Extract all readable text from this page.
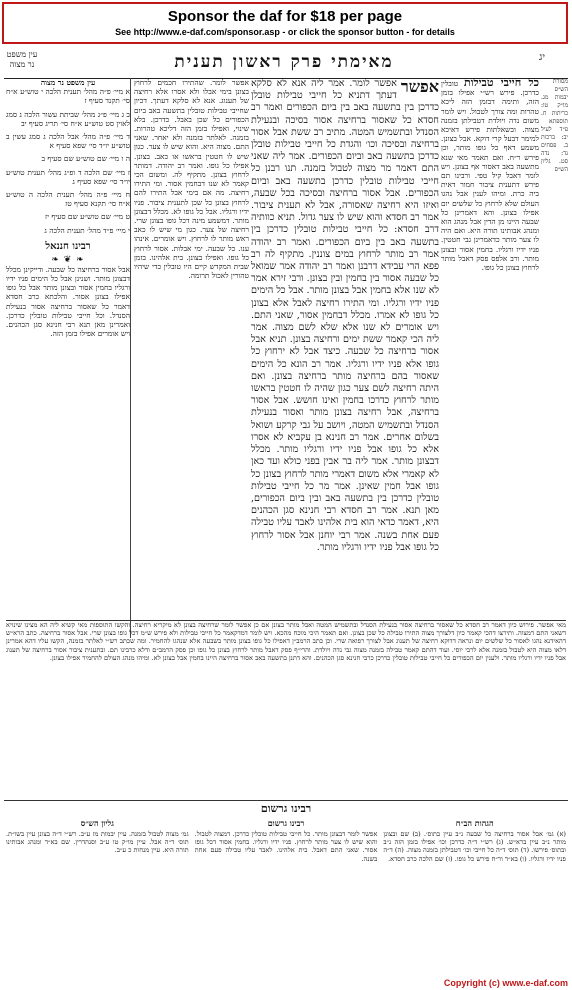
Sponsor the daf for $18 per page
See http://www.e-daf.com/sponsor.asp - or click the sponsor button - for details
עין משפט נר מצוה	מאימתי פרק ראשון תענית	יג
עין משפט נר מצוה
א מיי׳ פ״ה מהל׳ תענית הלכה י טוש״ע א״ח סי׳ תקנד סעיף ז
ב ג מיי׳ פ״ג מהל׳ שביתת עשור הלכה ג סמג לאוין סט טוש״ע א״ח סי׳ תריג סעיף יב
ד מיי׳ פ״ה מהל׳ אבל הלכה ג סמג עשין ב טוש״ע יו״ד סי׳ שפא סעיף א
ה ו מיי׳ שם טוש״ע שם סעיף ב
ז מיי׳ שם הלכה ד ופ״ג מהל׳ תענית טוש״ע יו״ד סי׳ שפא סעיף ג
ח מיי׳ פ״ה מהל׳ תענית הלכה ה טוש״ע א״ח סי׳ תקנא סעיף טז
ט מיי׳ שם טוש״ע שם סעיף יז
י מיי׳ פ״ד מהל׳ תענית הלכה ג
רבינו חננאל
❧ ❦ ❧
אבל אסור ברחיצה כל שבעה. ודייקינן מכלל דבצונן מותר. ושנינן אבל כל הימים פניו ידיו ורגליו בחמין אסור ובצונן מותר אבל כל גופו אפילו בצונן אסור. והלכתא כרב חסדא דאמר כל שאסור ברחיצה אסור בנעילת הסנדל. וכל חייבי טבילות טובלין כדרכן. ואמרינן מאן תנא רבי חנינא סגן הכהנים. ויש אומרים אפילו בזמן הזה.
אפשר לומר. שהתירו חכמים לרחוץ בצונן בימי אבלו ולא אסרו אלא רחיצה של תענוג. אנא לא סלקא דעתך. דכיון שחייבי טבילות טובלין בתשעה באב ביום הכפורים כל שכן באבל. כדרכן. בלא שינוי, ואפילו בזמן הזה דליכא טהרות. בזמנה. לאלתר בזמנה ולא יאחר. שאני התם. מצוה היא. והוא שיש לו צער. כגון שיש לו חטטין בראשו או כאב. בצונן. אפילו כל גופו. ואמר רב יהודה. דמותר לרחוץ בצונן. מתקיף לה. ומשום הכי קאמר לא שנו דבחמין אסור. ומי התירו רחיצה. מה אם בימי אבל התירו להם לרחוץ בצונן כל שכן לתענית ציבור. פניו ידיו ורגליו. אבל כל גופו לא. מכלל דבצונן מותר. דמשמע מינה דכל גופו בצונן שרי. רחיצה של צער. כגון מי שיש לו כאב ראש מותר לו לרחוץ. ויש אומרים. אינהו ענו. כל שבעה. ימי אבלות. אסור לרחוץ כל גופו. ואפילו בצונן. בית אלהינו. בזמן שבית המקדש קיים היו טובלין כדי שיהיו טהורין לאכול תרומה.
אפשר
אפשר לומר. אמר ליה אנא לא סלקא דעתך דתניא כל חייבי טבילות טובלן כדרכן בין בתשעה באב בין ביום הכפורים ואמר רב חסדא כל שאסור ברחיצה אסור בסיכה ובנעילת הסנדל ובתשמיש המטה. מתיב רב ששת אבל אסור ברחיצה ובסיכה וכו׳ והגדת כל חייבי טבילות טובלן כדרכן בתשעה באב וביום הכפורים. אמר ליה שאני התם דאמר מר מצוה לטבול בזמנה. תנו רבנן כל חייבי טבילות טובלין כדרכן בתשעה באב וביום הכפורים. אבל אסור ברחיצה ובסיכה בכל שבעה, ואיזו היא רחיצה שאסורה, אבל לא תענית ציבור. אמר רב חסדא והוא שיש לו צער גדול. תניא כוותיה דרב חסדא: כל חייבי טבילות טובלין כדרכן בין בתשעה באב בין ביום הכפורים. ואמר רב יהודה אמר רב מותר לרחוץ במים צוננין. מתקיף לה רב פפא הרי עבידא דרבנן ואמר רב יהודה אמר שמואל כל שבעה אסור בין בחמין ובין בצונן. ורבי זירא אמר לא שנו אלא בחמין אבל בצונן מותר. אבל כל הימים פניו ידיו ורגליו. ומי התירו רחיצה לאבל אלא בצונן כל גופו לא אמרו. מכלל דבחמין אסור, שאני התם. ויש אומרים לא שנו אלא שלא לשם מצוה. אמר ליה הכי קאמר ששת ימים ורחיצה בצונן. תניא אבל אסור ברחיצה כל שבעה. כיצד אבל לא ירחוץ כל גופו אלא פניו ידיו ורגליו. אמר רב הונא כל הימים שאסור בהם ברחיצה מותר ברחיצה בצונן. ואם היתה רחיצה לשם צער כגון שהיה לו חטטין בראשו מותר לרחוץ כדרכו בחמין ואינו חושש. אבל אסור ברחיצה, אבל רחיצה בצונן מותר ואסור בנעילת הסנדל ובתשמיש המטה, ויושב על גבי קרקע ושואל בשלום אחרים. אמר רב חנינא בן עקביא לא אסרו אלא כל גופו אבל פניו ידיו ורגליו מותר. מכלל דבצונן מותר. אמר ליה בר אבין בפני כולא ועד כאן לא קאמרי אלא משום דאמרי מותר לרחוץ בצונן כל גופו אבל חמין שאינן. אמר מר כל חייבי טבילות טובלין כדרכן בין בתשעה באב ובין ביום הכפורים, מאן תנא. אמר רב חסדא רבי חנינא סגן הכהנים היא, דאמר כדאי הוא בית אלהינו לאבד עליו טבילה פעם אחת בשנה. אמר רבי יוחנן אבל אסור לרחוץ כל גופו אבל פניו ידיו ורגליו מותר.
כל חייבי טבילות טובלין כדרכן. פירש רש״י אפילו בזמן הזה, ותימה דבזמן הזה ליכא טהרות ומה צורך לטבול. ויש לומר משום נדה ויולדת דטבילתן בזמנה מצוה. ובשאלתות פירש דאיכא למימר דבעל קרי דוקא. אבל בצונן. משמע דאף כל גופו מותר, וכן פירש ר״ח. ואם תאמר מאי שנא מתשעה באב דאסור אף בצונן. ויש לומר דאבל קיל טפי. ורבינו תם פירש דתענית ציבור חמור דאית ביה כרת. ומיהו לענין אבל נהגו העולם שלא לרחוץ כל שלשים יום אפילו בצונן. והא דאמרינן כל שבעה היינו מן הדין אבל מנהג הוא ומנהג אבותינו תורה היא. ואם היה לו צער מותר כדאמרינן גבי חטטין. פניו ידיו ורגליו. בחמין אסור ובצונן מותר. ורב אלפס פסק דאבל מותר לרחוץ בצונן כל גופו.
מסורת הש״ס יבמות מג. מו״ק טו: כריתות ח. תוספתא פ״ד לעיל יב: ברכות ב. פסחים נד: נדה סט. גליון הש״ס
מאי אפשר. פירוש כיון דאמר רב חסדא כל שאסור ברחיצה אסור בנעילת הסנדל ובתשמיש המטה ואבל מותר בצונן אם כן אפשר לומר שרחיצה בצונן לא מיקריא רחיצה. והקשו התוספות מאי קשיא ליה הא מצינו שינויא דשאני התם דמצוה. ותירצו דהכי קאמר כיון דלצורך מצוה התירו טבילה כל שכן בצונן. ואם תאמר היכי מוכח מהכא. ויש לומר דמדקאמר כל חייבי טבילות ולא פירש ש״מ דכל גופו בצונן שרי. אבל אסור ברחיצה. כתב הרא״ש דהאידנא נהגו לאסור כל שלשים יום ונראה דדוקא רחיצה של תענוג אבל לצורך רפואה שרי. וכן כתב הרמב״ן דאפילו כל גופו בצונן מותר בשבעה אלא שנהגו להחמיר. ומה שכתב רש״י לאלתר בזמנה, הקשו עליו דהא אמרינן דלאו מצוה היא לטבול בזמנה אלא לרבי יוסי. ועוד דהתם קאמר טבילה בזמנה מצוה גבי נדה ויולדת. והרי״ף פסק דאבל מותר לרחוץ בצונן כל גופו וכן פסק הרמב״ם ודלא כרבינו תם. ובתענית ציבור אסור ברחיצה של תענוג אבל פניו ידיו ורגליו מותר. ולענין יום הכפורים כל חייבי טבילות טובלין כדרכן כרבי חנינא סגן הכהנים. והא דתנן בתשעה באב אסור ברחיצה היינו בחמין אבל בצונן לא. ומיהו מנהג העולם להחמיר אפילו בצונן.
רבינו גרשום
הגהות הב״ח
(א) גמ׳ אבל אסור ברחיצה כל שבעה נ״ב עיין בתוס׳. (ב) שם ובצונן מותר נ״ב עיין ברא״ש. (ג) רש״י ד״ה כדרכן וכו׳ אפילו בזמן הזה נ״ב ובתוס׳ פירשו. (ד) תוס׳ ד״ה כל חייבי וכו׳ דטבילתן בזמנה מצוה. (ה) ד״ה פניו ידיו ורגליו. (ו) בא״ד ור״ח פירש כל גופו. (ז) שם הלכה כרב חסדא.
רבינו גרשום
אפשר לומר דבצונן מותר. כל חייבי טבילות טובלין כדרכן. דמצוה לטבול. והוא שיש לו צער מותר לרחוץ. פניו ידיו ורגליו. בחמין אסור דכל גופו אסור. שאני התם דאבל. בית אלהינו. לאבד עליו טבילה פעם אחת בשנה.
גליון הש״ס
גמ׳ מצוה לטבול בזמנה. עיין יבמות מז ע״ב. רש״י ד״ה בצונן עיין בשו״ת. תוס׳ ד״ה אבל. עיין מו״ק טו ע״ב וסנהדרין. שם בא״ד ומנהג אבותינו תורה היא. עיין מנחות כ ע״ב.
Copyright (c) www.e-daf.com
